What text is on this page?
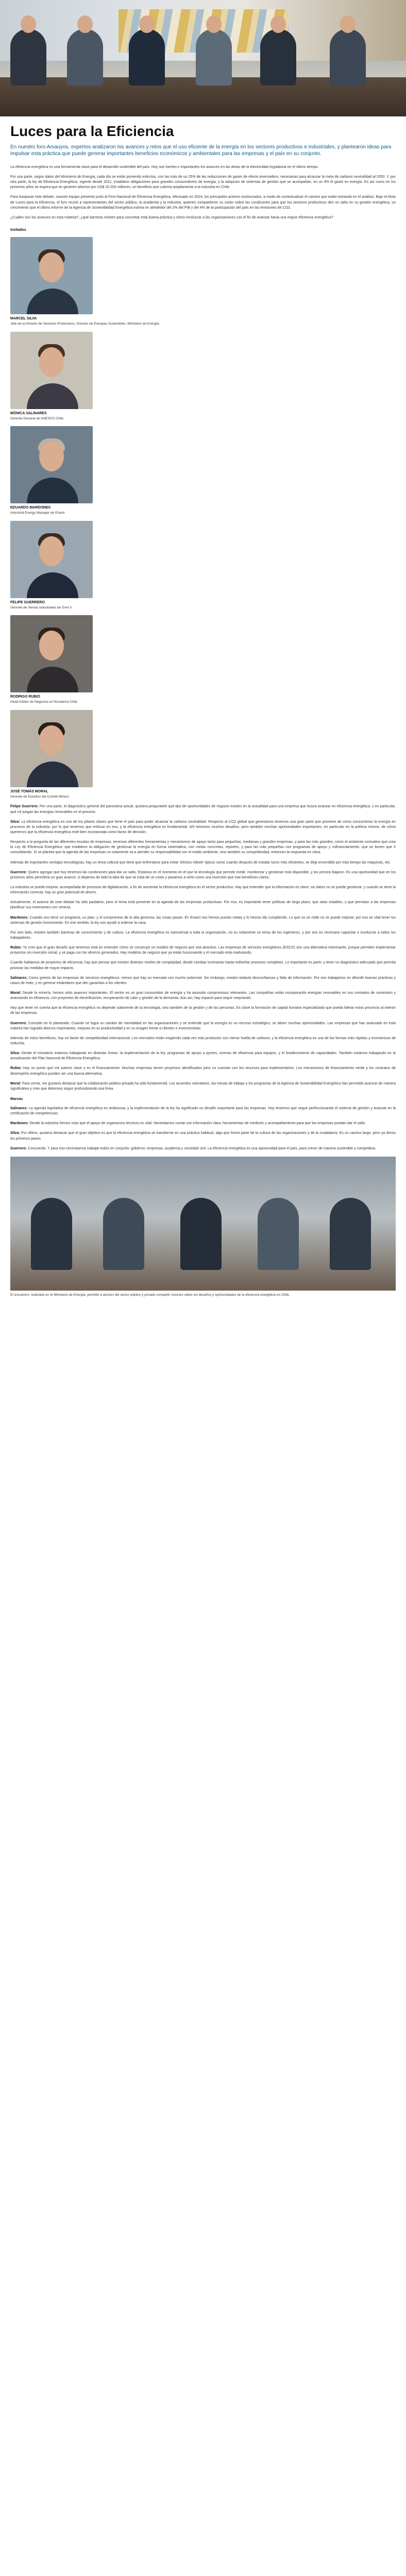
Luces para la Eficiencia
En nuestro foro Amauyos, expertos analizaron los avances y retos que el uso eficiente de la energía en los sectores productivos e industriales, y plantearon ideas para impulsar esta práctica que puede generar importantes beneficios económicos y ambientales para las empresas y el país en su conjunto.

La eficiencia energética es una herramienta clave para el desarrollo sostenible del país. Hoy son fuertes e importantes los avances en las áreas de la electricidad regulatoria en el último tiempo.

Por una parte, según datos del Ministerio de Energía, cada día se están poniendo estrictos, con las más de un 25% de las reducciones de gases de efecto invernadero, necesarias para alcanzar la meta de carbono neutralidad al 2050. Y, por otra parte, la ley de Eficiencia Energética, vigente desde 2021, establece obligaciones para grandes consumidores de energía, y la adopción de sistemas de gestión que se acompañan, en un 4% el gasto en energía. Es así como en los próximos años se espera que se generen ahorros por US$ 15.200 millones, un beneficio que cubriría ampliamente a la industria en Chile.

Para traspasar este debate, nuestro equipo presentó junto al Foro Nacional de Eficiencia Energética, efectuado en 2024, los principales actores involucrados, a modo de contextualizar el camino que están tomando en el análisis. Bajo el título de Luces para la Eficiencia, el foro reunió a representantes del sector público, la academia y la industria, quienes compartieron su visión sobre las condiciones para que los sectores productivos den un salto en su gestión energética, un crecimiento que el último informe de la Agencia de Sostenibilidad Energética estima en alrededor del 2% del PIB y del 4% de la participación del país en las emisiones de CO2.

¿Cuáles son los avances en esta materia?, ¿qué barreras existen para concretar esta buena práctica y cómo involucrar a las organizaciones con el fin de avanzar hacia una mayor eficiencia energética?

Invitados
MARCEL SILVA
Jefe de la División de Sectores Productivos, División de Energías Sostenibles, Ministerio de Energía
MÓNICA SALINARES
Gerente General de ANESCO Chile
EDUARDO MARDONES
Industrial Energy Manager de Enami
FELIPE GUERRERO
Gerente de Ventas Industriales de Enel X
RODRIGO RUBIO
Head Arbiter de Negocios en Novaterra Chile
JOSÉ TOMÁS MORAL
Gerente de Estudios del Comité Minero

Felipe Guerrero: Por una parte, el diagnóstico general del panorama actual, quisiera preguntarle qué tipo de oportunidades de negocio existen en la actualidad para una empresa que busca avanzar en eficiencia energética, y en particular, qué rol juegan las energías renovables en el proceso.

Silva: La eficiencia energética es uno de los pilares claves que tiene el país para poder alcanzar la carbono neutralidad. Respecto al CO2 global que generamos tenemos una gran parte que proviene de cómo consumimos la energía en procesos de la industria, por lo que tenemos que enfocar en eso, y la eficiencia energética es fundamental. Ahí tenemos muchos desafíos, pero también muchas oportunidades importantes, en particular en la política minera, de cómo queremos que la eficiencia energética esté bien incorporada como factor de decisión.

Respecto a la pregunta de las diferentes escalas de empresas, tenemos diferentes herramientas y mecanismos de apoyo tanto para pequeñas, medianas y grandes empresas, y para las más grandes, como el ambiente normativo que crea la Ley de Eficiencia Energética, que establece la obligación de gestionar la energía en forma sistemática, con metas concretas, reportes, y para las más pequeñas con programas de apoyo y cofinanciamiento, que se tienen que ir consolidando. Si se plantea que la agenda de las empresas no solamente va a atender su responsabilidad con el medio ambiente, sino también su competitividad, entonces la respuesta es clara.

Además de importantes ventajas tecnológicas, hay un tema cultural que tiene que enfrentarse para evitar 'efectos rebote' típicos como cuando después de instalar luces más eficientes, se deja encendido por más tiempo las máquinas, etc.

Guerrero: Quiero agregar que hoy tenemos las condiciones para dar un salto. Estamos en el momento en el que la tecnología que permite medir, monitorear y gestionar está disponible, y los precios bajaron. Es una oportunidad que en los próximos años permitiría un gran avance, si dejamos de lado la idea de que se trata de un costo y pasamos a verlo como una inversión que trae beneficios claros.

La industria se puede mejorar, acompañada de procesos de digitalización, a fin de aumentar la eficiencia energética en el sector productivo. Hay que entender que la información es clave: sin datos no se puede gestionar, y cuando se tiene la información correcta, hay un gran potencial de ahorro.

Actualmente, el avance de este debate ha sido paulatino, pero el tema está presente en la agenda de las empresas productivas. Por eso, es importante tener políticas de largo plazo, que sean estables, y que permitan a las empresas planificar sus inversiones con certeza.

Mardones: Cuando uno tiene un programa, un plan, y el compromiso de la alta gerencia, las cosas pasan. En Enami nos hemos puesto metas y lo hemos ido cumpliendo. Lo que no se mide no se puede mejorar, por eso es vital tener los sistemas de gestión funcionando. En ese sentido, la ley nos ayudó a ordenar la casa.

Por otro lado, existen también barreras de conocimiento y de cultura. La eficiencia energética es transversal a toda la organización, no es solamente un tema de los ingenieros, y por eso es necesario capacitar e involucrar a todos los trabajadores.

Rubio: Yo creo que el gran desafío que tenemos está en entender cómo se construye un modelo de negocio que sea atractivo. Las empresas de servicios energéticos (ESCO) son una alternativa interesante, porque permiten implementar proyectos sin inversión inicial, y se paga con los ahorros generados. Hay modelos de negocio que ya están funcionando y el mercado está madurando.

Cuando hablamos de proyectos de eficiencia, hay que pensar que existen distintos niveles de complejidad, desde cambiar luminarias hasta rediseñar procesos completos. Lo importante es partir, y tener un diagnóstico adecuado que permita priorizar las medidas de mayor impacto.

Salinares: Como gremio de las empresas de servicios energéticos, vemos que hay un mercado con mucho potencial. Sin embargo, existen todavía desconfianzas y falta de información. Por eso trabajamos en difundir buenas prácticas y casos de éxito, y en generar estándares que den garantías a los clientes.

Moral: Desde la minería, hemos visto avances importantes. El sector es un gran consumidor de energía y ha asumido compromisos relevantes. Las compañías están incorporando energías renovables en sus contratos de suministro y avanzando en eficiencia, con proyectos de electrificación, recuperación de calor y gestión de la demanda. Aún así, hay espacio para seguir mejorando.

Hay que tener en cuenta que la eficiencia energética no depende solamente de la tecnología, sino también de la gestión y de las personas. Es clave la formación de capital humano especializado que pueda liderar estos procesos al interior de las empresas.

Guerrero: Coincido en lo planteado. Cuando se logra un cambio de mentalidad en las organizaciones y se entiende que la energía es un recurso estratégico, se abren muchas oportunidades. Las empresas que han avanzado en esta materia han logrado ahorros importantes, mejoras en su productividad y en su imagen frente a clientes e inversionistas.

Además de estos beneficios, hay un factor de competitividad internacional. Los mercados están exigiendo cada vez más productos con menor huella de carbono, y la eficiencia energética es una de las formas más rápidas y económicas de reducirla.

Silva: Desde el ministerio estamos trabajando en distintas líneas: la implementación de la ley, programas de apoyo a pymes, normas de eficiencia para equipos, y el fortalecimiento de capacidades. También estamos trabajando en la actualización del Plan Nacional de Eficiencia Energética.

Rubio: Hay un punto que me parece clave y es el financiamiento. Muchas empresas tienen proyectos identificados pero no cuentan con los recursos para implementarlos. Los mecanismos de financiamiento verde y los contratos de desempeño energético pueden ser una buena alternativa.

Moral: Para cerrar, me gustaría destacar que la colaboración público-privada ha sido fundamental. Los acuerdos voluntarios, las mesas de trabajo y los programas de la Agencia de Sostenibilidad Energética han permitido avanzar de manera significativa y creo que debemos seguir profundizando esa línea.

Marcas

Salinares: La agenda legislativa de eficiencia energética es ambiciosa, y la implementación de la ley ha significado un desafío importante para las empresas. Hoy tenemos que seguir perfeccionando el sistema de gestión y avanzar en la certificación de competencias.

Mardones: Desde la industria hemos visto que el apoyo de organismos técnicos es vital. Necesitamos contar con información clara, herramientas de medición y acompañamiento para que las empresas puedan dar el salto.

Silva: Por último, quisiera destacar que el gran objetivo es que la eficiencia energética se transforme en una práctica habitual, algo que forme parte de la cultura de las organizaciones y de la ciudadanía. Es un camino largo, pero ya dimos los primeros pasos.

Guerrero: Concuerdo. Y para eso necesitamos trabajar todos en conjunto: gobierno, empresas, academia y sociedad civil. La eficiencia energética es una oportunidad para el país, para crecer de manera sostenible y competitiva.

El encuentro, realizado en el Ministerio de Energía, permitió a actores del sector público y privado compartir visiones sobre los desafíos y oportunidades de la eficiencia energética en Chile.
